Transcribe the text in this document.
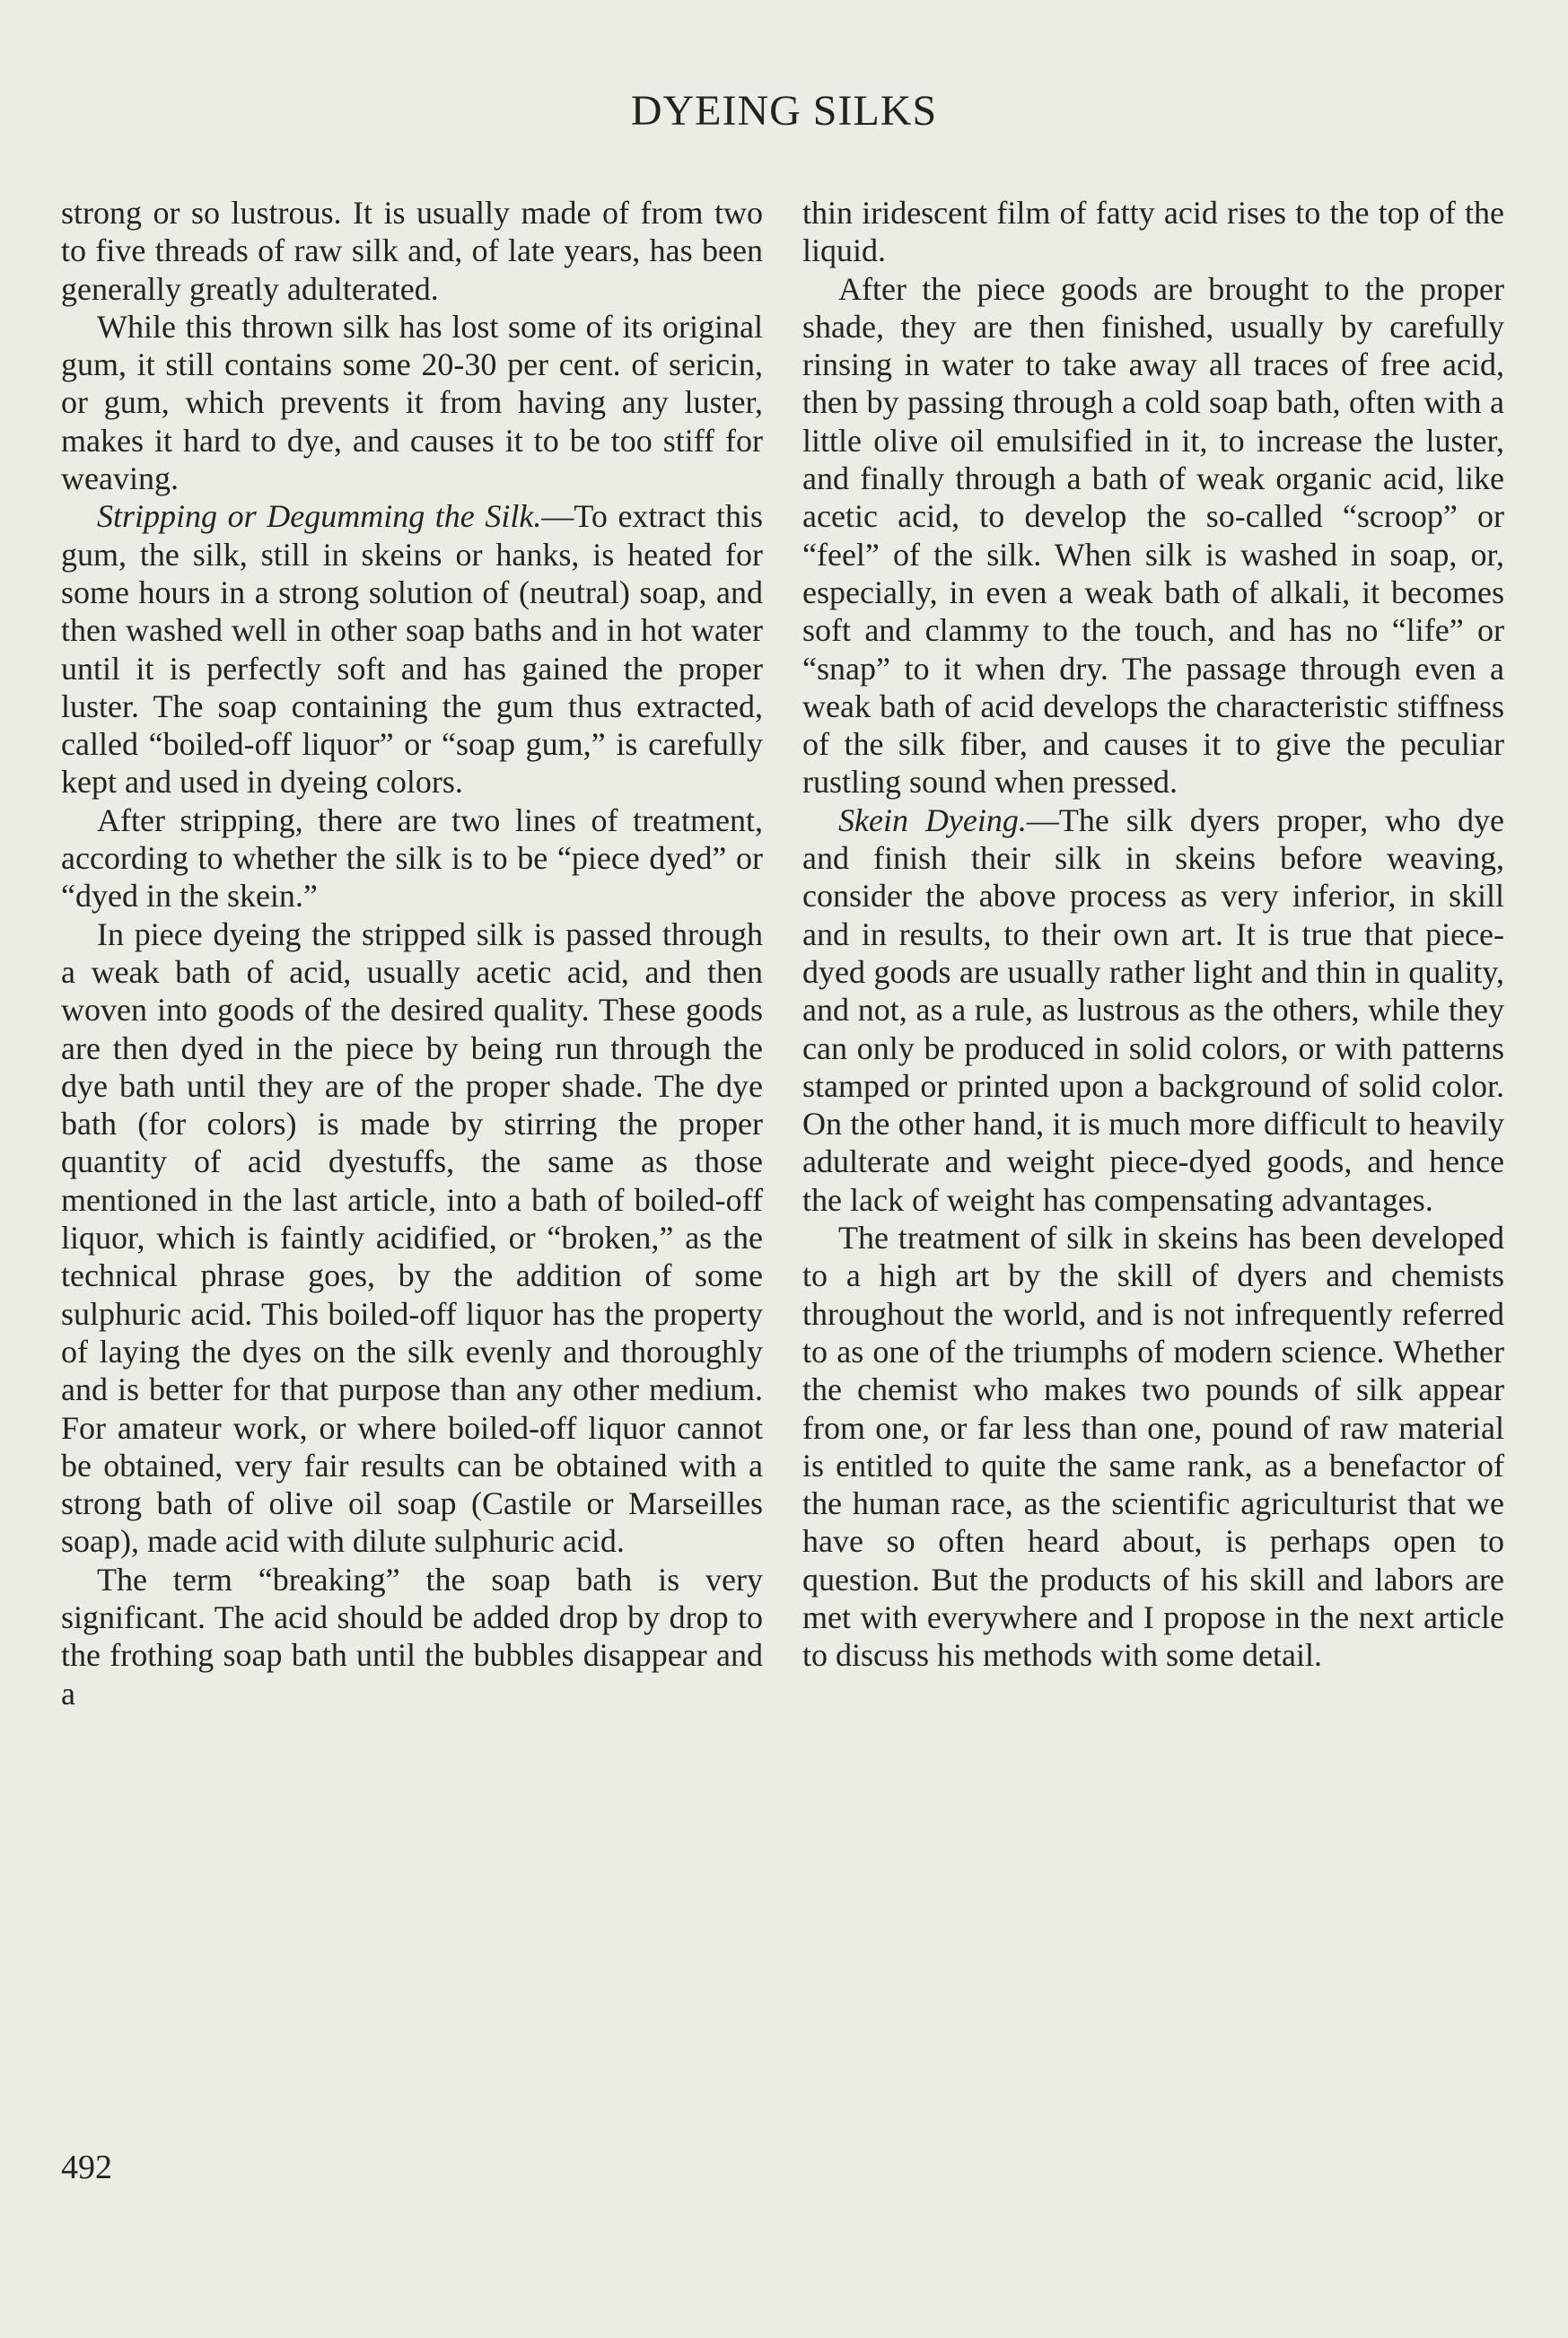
DYEING SILKS

strong or so lustrous. It is usually made of from two to five threads of raw silk and, of late years, has been generally greatly adulterated.

While this thrown silk has lost some of its original gum, it still contains some 20-30 per cent. of sericin, or gum, which prevents it from having any luster, makes it hard to dye, and causes it to be too stiff for weaving.

Stripping or Degumming the Silk.—To extract this gum, the silk, still in skeins or hanks, is heated for some hours in a strong solution of (neutral) soap, and then washed well in other soap baths and in hot water until it is perfectly soft and has gained the proper luster. The soap containing the gum thus extracted, called “boiled-off liquor” or “soap gum,” is carefully kept and used in dyeing colors.

After stripping, there are two lines of treatment, according to whether the silk is to be “piece dyed” or “dyed in the skein.”

In piece dyeing the stripped silk is passed through a weak bath of acid, usually acetic acid, and then woven into goods of the desired quality. These goods are then dyed in the piece by being run through the dye bath until they are of the proper shade. The dye bath (for colors) is made by stirring the proper quantity of acid dyestuffs, the same as those mentioned in the last article, into a bath of boiled-off liquor, which is faintly acidified, or “broken,” as the technical phrase goes, by the addition of some sulphuric acid. This boiled-off liquor has the property of laying the dyes on the silk evenly and thoroughly and is better for that purpose than any other medium. For amateur work, or where boiled-off liquor cannot be obtained, very fair results can be obtained with a strong bath of olive oil soap (Castile or Marseilles soap), made acid with dilute sulphuric acid.

The term “breaking” the soap bath is very significant. The acid should be added drop by drop to the frothing soap bath until the bubbles disappear and a

thin iridescent film of fatty acid rises to the top of the liquid.

After the piece goods are brought to the proper shade, they are then finished, usually by carefully rinsing in water to take away all traces of free acid, then by passing through a cold soap bath, often with a little olive oil emulsified in it, to increase the luster, and finally through a bath of weak organic acid, like acetic acid, to develop the so-called “scroop” or “feel” of the silk. When silk is washed in soap, or, especially, in even a weak bath of alkali, it becomes soft and clammy to the touch, and has no “life” or “snap” to it when dry. The passage through even a weak bath of acid develops the characteristic stiffness of the silk fiber, and causes it to give the peculiar rustling sound when pressed.

Skein Dyeing.—The silk dyers proper, who dye and finish their silk in skeins before weaving, consider the above process as very inferior, in skill and in results, to their own art. It is true that piece-dyed goods are usually rather light and thin in quality, and not, as a rule, as lustrous as the others, while they can only be produced in solid colors, or with patterns stamped or printed upon a background of solid color. On the other hand, it is much more difficult to heavily adulterate and weight piece-dyed goods, and hence the lack of weight has compensating advantages.

The treatment of silk in skeins has been developed to a high art by the skill of dyers and chemists throughout the world, and is not infrequently referred to as one of the triumphs of modern science. Whether the chemist who makes two pounds of silk appear from one, or far less than one, pound of raw material is entitled to quite the same rank, as a benefactor of the human race, as the scientific agriculturist that we have so often heard about, is perhaps open to question. But the products of his skill and labors are met with everywhere and I propose in the next article to discuss his methods with some detail.

492
